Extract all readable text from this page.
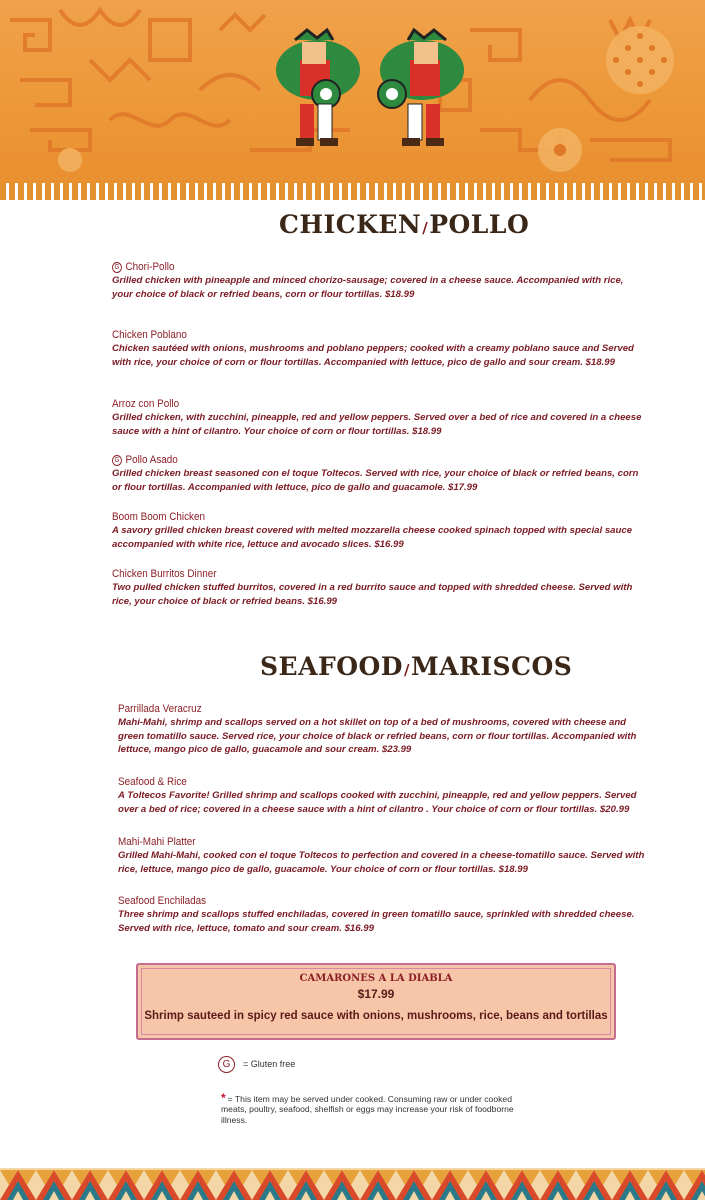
CHICKEN/POLLO
G Chori-Pollo
Grilled chicken with pineapple and minced chorizo-sausage; covered in a cheese sauce. Accompanied with rice, your choice of black or refried beans, corn or flour tortillas. $18.99
Chicken Poblano
Chicken sautéed with onions, mushrooms and poblano peppers; cooked with a creamy poblano sauce and Served with rice, your choice of corn or flour tortillas. Accompanied with lettuce, pico de gallo and sour cream. $18.99
Arroz con Pollo
Grilled chicken, with zucchini, pineapple, red and yellow peppers. Served over a bed of rice and covered in a cheese sauce with a hint of cilantro. Your choice of corn or flour tortillas. $18.99
G Pollo Asado
Grilled chicken breast seasoned con el toque Toltecos. Served with rice, your choice of black or refried beans, corn or flour tortillas. Accompanied with lettuce, pico de gallo and guacamole. $17.99
Boom Boom Chicken
A savory grilled chicken breast covered with melted mozzarella cheese cooked spinach topped with special sauce accompanied with white rice, lettuce and avocado slices. $16.99
Chicken Burritos Dinner
Two pulled chicken stuffed burritos, covered in a red burrito sauce and topped with shredded cheese. Served with rice, your choice of black or refried beans. $16.99
SEAFOOD/MARISCOS
Parrillada Veracruz
Mahi-Mahi, shrimp and scallops served on a hot skillet on top of a bed of mushrooms, covered with cheese and green tomatillo sauce. Served rice, your choice of black or refried beans, corn or flour tortillas. Accompanied with lettuce, mango pico de gallo, guacamole and sour cream. $23.99
Seafood & Rice
A Toltecos Favorite! Grilled shrimp and scallops cooked with zucchini, pineapple, red and yellow peppers. Served over a bed of rice; covered in a cheese sauce with a hint of cilantro . Your choice of corn or flour tortillas. $20.99
Mahi-Mahi Platter
Grilled Mahi-Mahi, cooked con el toque Toltecos to perfection and covered in a cheese-tomatillo sauce. Served with rice, lettuce, mango pico de gallo, guacamole. Your choice of corn or flour tortillas. $18.99
Seafood Enchiladas
Three shrimp and scallops stuffed enchiladas, covered in green tomatillo sauce, sprinkled with shredded cheese. Served with rice, lettuce, tomato and sour cream. $16.99
CAMARONES A LA DIABLA
$17.99
Shrimp sauteed in spicy red sauce with onions, mushrooms, rice, beans and tortillas
G	= Gluten free
* = This item may be served under cooked. Consuming raw or under cooked meats, poultry, seafood, shelfish or eggs may increase your risk of foodborne illness.
